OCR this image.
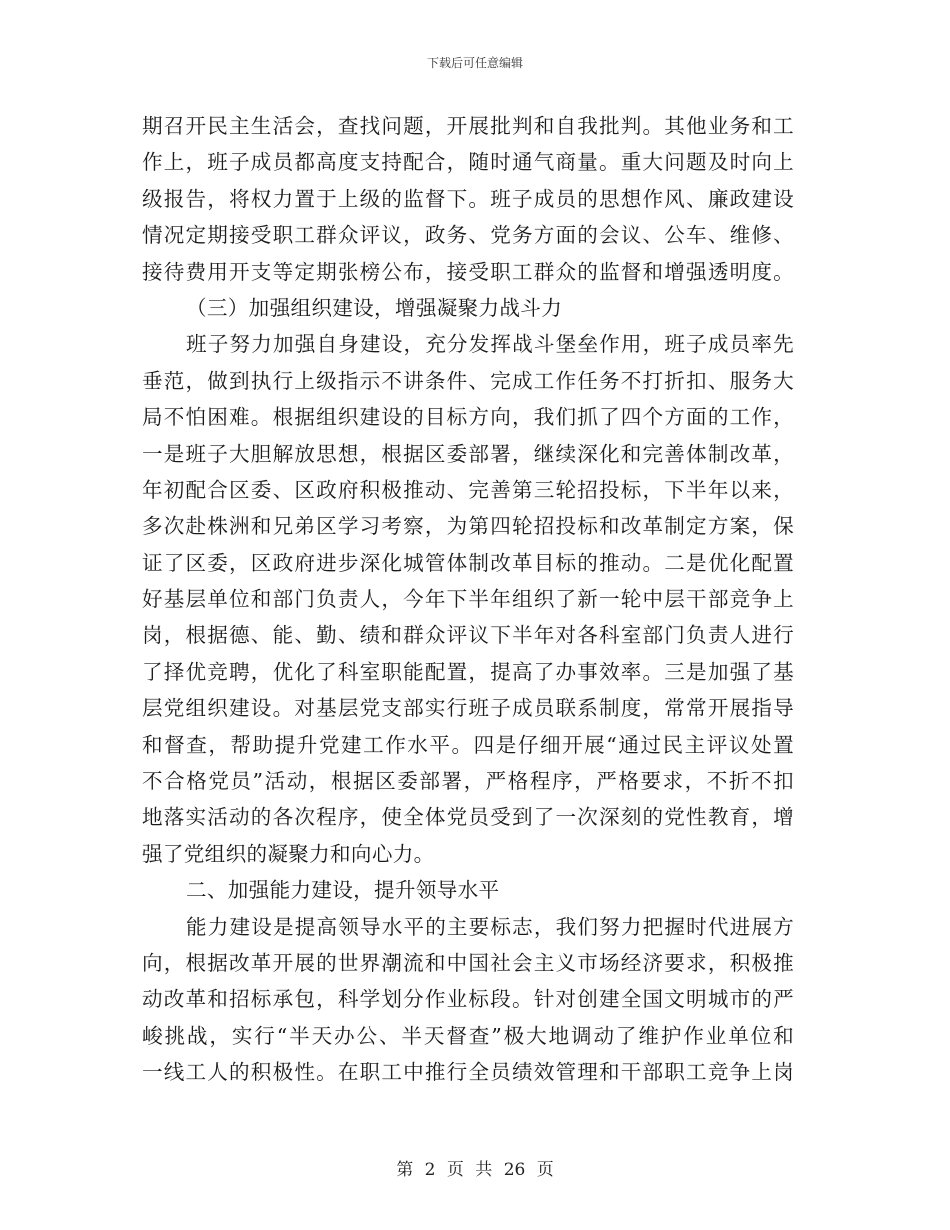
下载后可任意编辑
期召开民主生活会，查找问题，开展批判和自我批判。其他业务和工
作上，班子成员都高度支持配合，随时通气商量。重大问题及时向上
级报告，将权力置于上级的监督下。班子成员的思想作风、廉政建设
情况定期接受职工群众评议，政务、党务方面的会议、公车、维修、
接待费用开支等定期张榜公布，接受职工群众的监督和增强透明度。
（三）加强组织建设，增强凝聚力战斗力
班子努力加强自身建设，充分发挥战斗堡垒作用，班子成员率先
垂范，做到执行上级指示不讲条件、完成工作任务不打折扣、服务大
局不怕困难。根据组织建设的目标方向，我们抓了四个方面的工作，
一是班子大胆解放思想，根据区委部署，继续深化和完善体制改革，
年初配合区委、区政府积极推动、完善第三轮招投标，下半年以来，
多次赴株洲和兄弟区学习考察，为第四轮招投标和改革制定方案，保
证了区委，区政府进步深化城管体制改革目标的推动。二是优化配置
好基层单位和部门负责人，今年下半年组织了新一轮中层干部竞争上
岗，根据德、能、勤、绩和群众评议下半年对各科室部门负责人进行
了择优竞聘，优化了科室职能配置，提高了办事效率。三是加强了基
层党组织建设。对基层党支部实行班子成员联系制度，常常开展指导
和督查，帮助提升党建工作水平。四是仔细开展“通过民主评议处置
不合格党员”活动，根据区委部署，严格程序，严格要求，不折不扣
地落实活动的各次程序，使全体党员受到了一次深刻的党性教育，增
强了党组织的凝聚力和向心力。
二、加强能力建设，提升领导水平
能力建设是提高领导水平的主要标志，我们努力把握时代进展方
向，根据改革开展的世界潮流和中国社会主义市场经济要求，积极推
动改革和招标承包，科学划分作业标段。针对创建全国文明城市的严
峻挑战，实行“半天办公、半天督查”极大地调动了维护作业单位和
一线工人的积极性。在职工中推行全员绩效管理和干部职工竞争上岗
第 2 页 共 26 页
